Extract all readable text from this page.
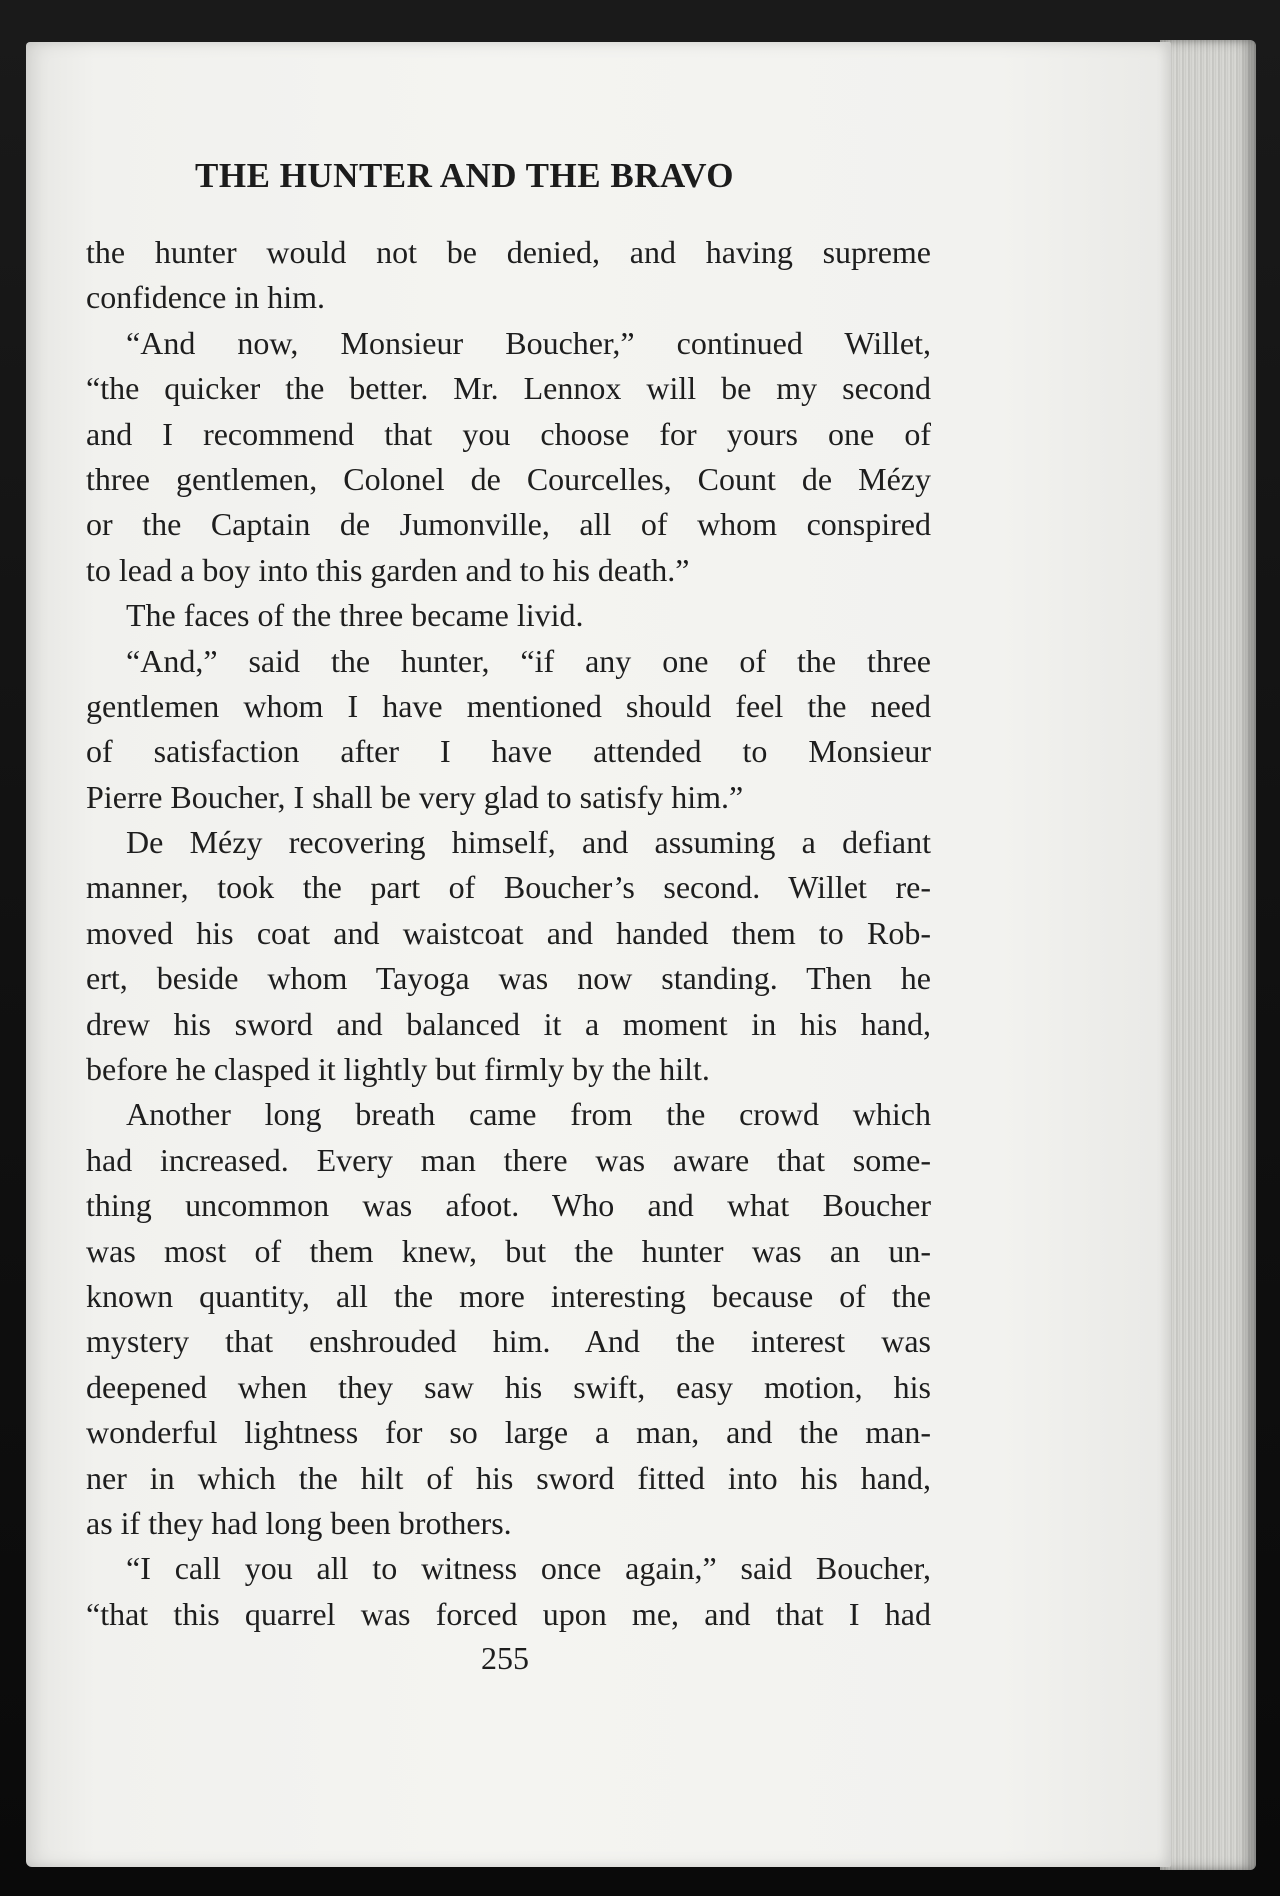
THE HUNTER AND THE BRAVO
the hunter would not be denied, and having supreme
confidence in him.
“And now, Monsieur Boucher,” continued Willet,
“the quicker the better. Mr. Lennox will be my second
and I recommend that you choose for yours one of
three gentlemen, Colonel de Courcelles, Count de Mézy
or the Captain de Jumonville, all of whom conspired
to lead a boy into this garden and to his death.”
The faces of the three became livid.
“And,” said the hunter, “if any one of the three
gentlemen whom I have mentioned should feel the need
of satisfaction after I have attended to Monsieur
Pierre Boucher, I shall be very glad to satisfy him.”
De Mézy recovering himself, and assuming a defiant
manner, took the part of Boucher’s second. Willet re-
moved his coat and waistcoat and handed them to Rob-
ert, beside whom Tayoga was now standing. Then he
drew his sword and balanced it a moment in his hand,
before he clasped it lightly but firmly by the hilt.
Another long breath came from the crowd which
had increased. Every man there was aware that some-
thing uncommon was afoot. Who and what Boucher
was most of them knew, but the hunter was an un-
known quantity, all the more interesting because of the
mystery that enshrouded him. And the interest was
deepened when they saw his swift, easy motion, his
wonderful lightness for so large a man, and the man-
ner in which the hilt of his sword fitted into his hand,
as if they had long been brothers.
“I call you all to witness once again,” said Boucher,
“that this quarrel was forced upon me, and that I had
255
